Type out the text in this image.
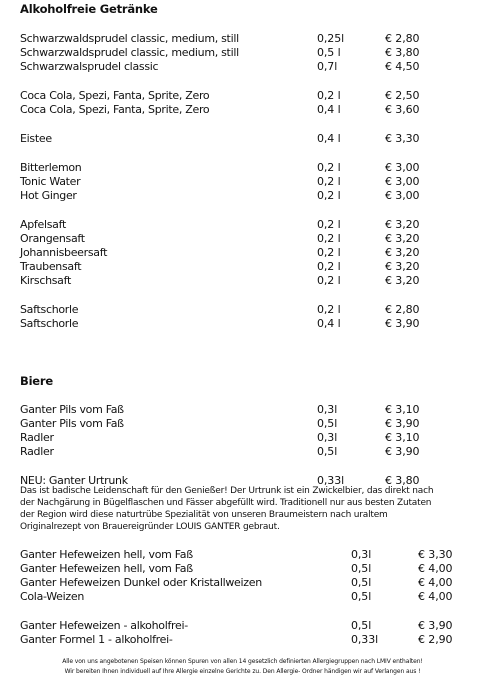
Alkoholfreie Getränke
Schwarzwaldsprudel classic, medium, still	0,25l	€ 2,80
Schwarzwaldsprudel classic, medium, still	0,5 l	€ 3,80
Schwarzwalsprudel classic	0,7l	€ 4,50
Coca Cola, Spezi, Fanta, Sprite, Zero	0,2 l	€ 2,50
Coca Cola, Spezi, Fanta, Sprite, Zero	0,4 l	€ 3,60
Eistee	0,4 l	€ 3,30
Bitterlemon	0,2 l	€ 3,00
Tonic Water	0,2 l	€ 3,00
Hot Ginger	0,2 l	€ 3,00
Apfelsaft	0,2 l	€ 3,20
Orangensaft	0,2 l	€ 3,20
Johannisbeersaft	0,2 l	€ 3,20
Traubensaft	0,2 l	€ 3,20
Kirschsaft	0,2 l	€ 3,20
Saftschorle	0,2 l	€ 2,80
Saftschorle	0,4 l	€ 3,90
Biere
Ganter Pils vom Faß	0,3l	€ 3,10
Ganter Pils vom Faß	0,5l	€ 3,90
Radler	0,3l	€ 3,10
Radler	0,5l	€ 3,90
NEU: Ganter Urtrunk	0,33l	€ 3,80
Ganter Hefeweizen hell, vom Faß	0,3l	€ 3,30
Ganter Hefeweizen hell, vom Faß	0,5l	€ 4,00
Ganter Hefeweizen Dunkel oder Kristallweizen	0,5l	€ 4,00
Cola-Weizen	0,5l	€ 4,00
Ganter Hefeweizen - alkoholfrei-	0,5l	€ 3,90
Ganter Formel 1 - alkoholfrei-	0,33l	€ 2,90
Das ist badische Leidenschaft für den Genießer! Der Urtrunk ist ein Zwickelbier, das direkt nach
der Nachgärung in Bügelflaschen und Fässer abgefüllt wird. Traditionell nur aus besten Zutaten
der Region wird diese naturtrübe Spezialität von unseren Braumeistern nach uraltem
Originalrezept von Brauereigründer LOUIS GANTER gebraut.
Alle von uns angebotenen Speisen können Spuren von allen 14 gesetzlich definierten Allergiegruppen nach LMIV enthalten!
Wir bereiten Ihnen individuell auf Ihre Allergie einzelne Gerichte zu. Den Allergie- Ordner händigen wir auf Verlangen aus !
